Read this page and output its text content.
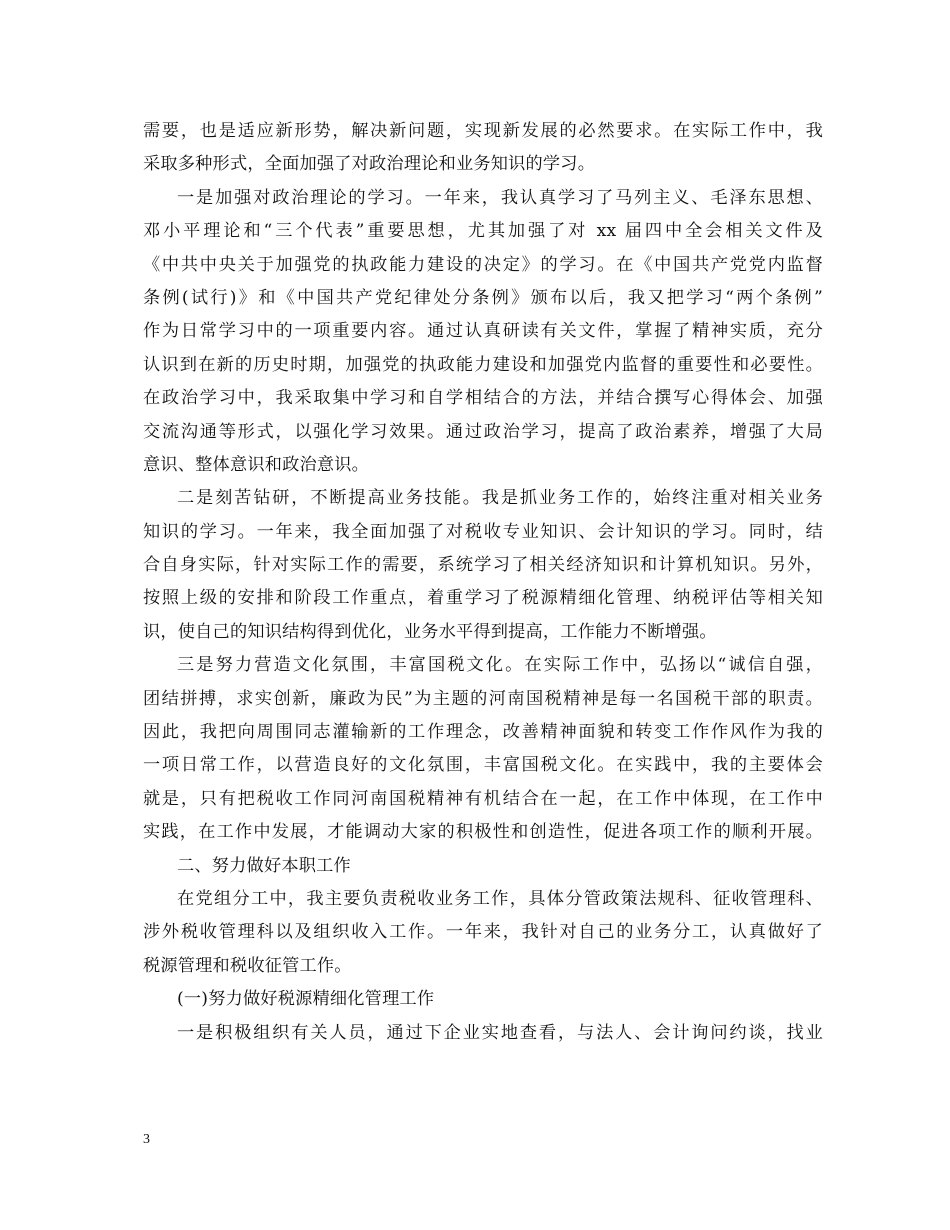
需要，也是适应新形势，解决新问题，实现新发展的必然要求。在实际工作中，我
采取多种形式，全面加强了对政治理论和业务知识的学习。
一是加强对政治理论的学习。一年来，我认真学习了马列主义、毛泽东思想、
邓小平理论和“三个代表”重要思想，尤其加强了对 xx 届四中全会相关文件及
《中共中央关于加强党的执政能力建设的决定》的学习。在《中国共产党党内监督
条例(试行)》和《中国共产党纪律处分条例》颁布以后，我又把学习“两个条例”
作为日常学习中的一项重要内容。通过认真研读有关文件，掌握了精神实质，充分
认识到在新的历史时期，加强党的执政能力建设和加强党内监督的重要性和必要性。
在政治学习中，我采取集中学习和自学相结合的方法，并结合撰写心得体会、加强
交流沟通等形式，以强化学习效果。通过政治学习，提高了政治素养，增强了大局
意识、整体意识和政治意识。
二是刻苦钻研，不断提高业务技能。我是抓业务工作的，始终注重对相关业务
知识的学习。一年来，我全面加强了对税收专业知识、会计知识的学习。同时，结
合自身实际，针对实际工作的需要，系统学习了相关经济知识和计算机知识。另外，
按照上级的安排和阶段工作重点，着重学习了税源精细化管理、纳税评估等相关知
识，使自己的知识结构得到优化，业务水平得到提高，工作能力不断增强。
三是努力营造文化氛围，丰富国税文化。在实际工作中，弘扬以“诚信自强，
团结拼搏，求实创新，廉政为民”为主题的河南国税精神是每一名国税干部的职责。
因此，我把向周围同志灌输新的工作理念，改善精神面貌和转变工作作风作为我的
一项日常工作，以营造良好的文化氛围，丰富国税文化。在实践中，我的主要体会
就是，只有把税收工作同河南国税精神有机结合在一起，在工作中体现，在工作中
实践，在工作中发展，才能调动大家的积极性和创造性，促进各项工作的顺利开展。
二、努力做好本职工作
在党组分工中，我主要负责税收业务工作，具体分管政策法规科、征收管理科、
涉外税收管理科以及组织收入工作。一年来，我针对自己的业务分工，认真做好了
税源管理和税收征管工作。
(一)努力做好税源精细化管理工作
一是积极组织有关人员，通过下企业实地查看，与法人、会计询问约谈，找业
3
